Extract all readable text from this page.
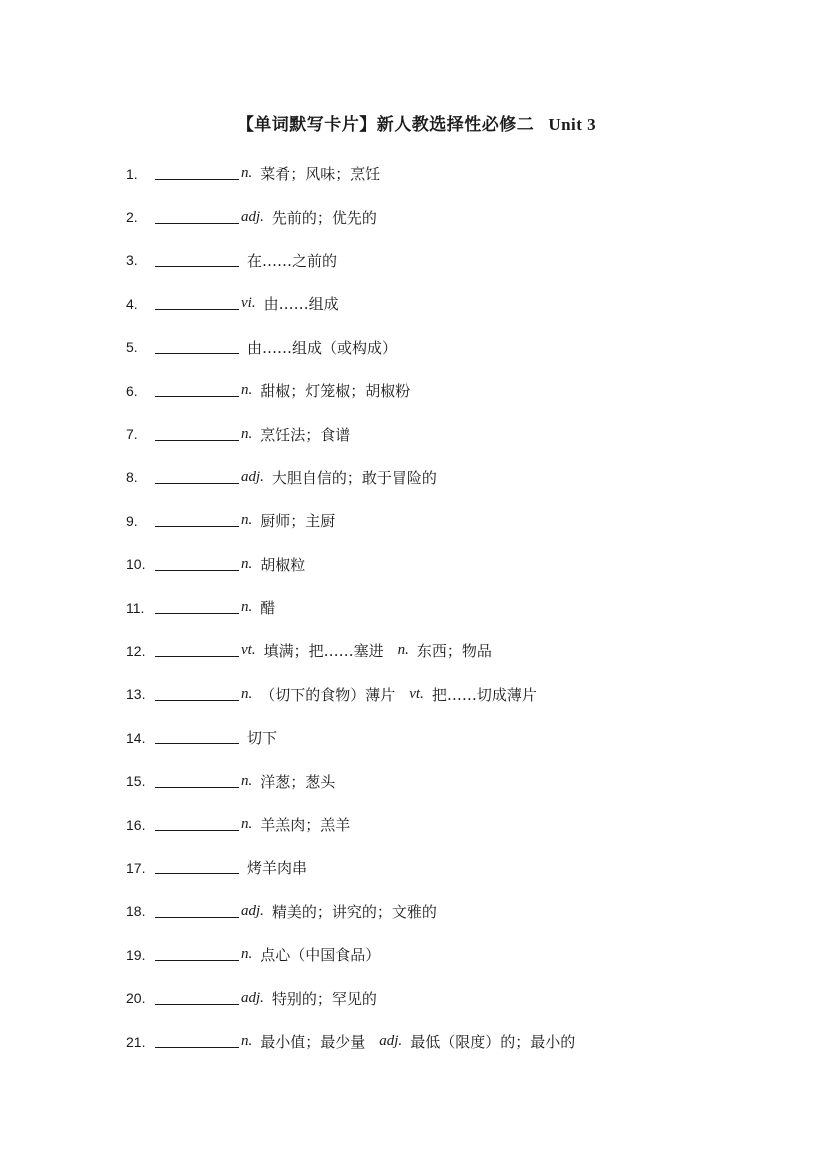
【单词默写卡片】新人教选择性必修二 Unit 3
1.	n. 菜肴；风味；烹饪
2.	adj. 先前的；优先的
3.	在……之前的
4.	vi. 由……组成
5.	由……组成（或构成）
6.	n. 甜椒；灯笼椒；胡椒粉
7.	n. 烹饪法；食谱
8.	adj. 大胆自信的；敢于冒险的
9.	n. 厨师；主厨
10.	n. 胡椒粒
11.	n. 醋
12.	vt. 填满；把……塞进 n. 东西；物品
13.	n. （切下的食物）薄片 vt. 把……切成薄片
14.	切下
15.	n. 洋葱；葱头
16.	n. 羊羔肉；羔羊
17.	烤羊肉串
18.	adj. 精美的；讲究的；文雅的
19.	n. 点心（中国食品）
20.	adj. 特别的；罕见的
21.	n. 最小值；最少量 adj. 最低（限度）的；最小的
